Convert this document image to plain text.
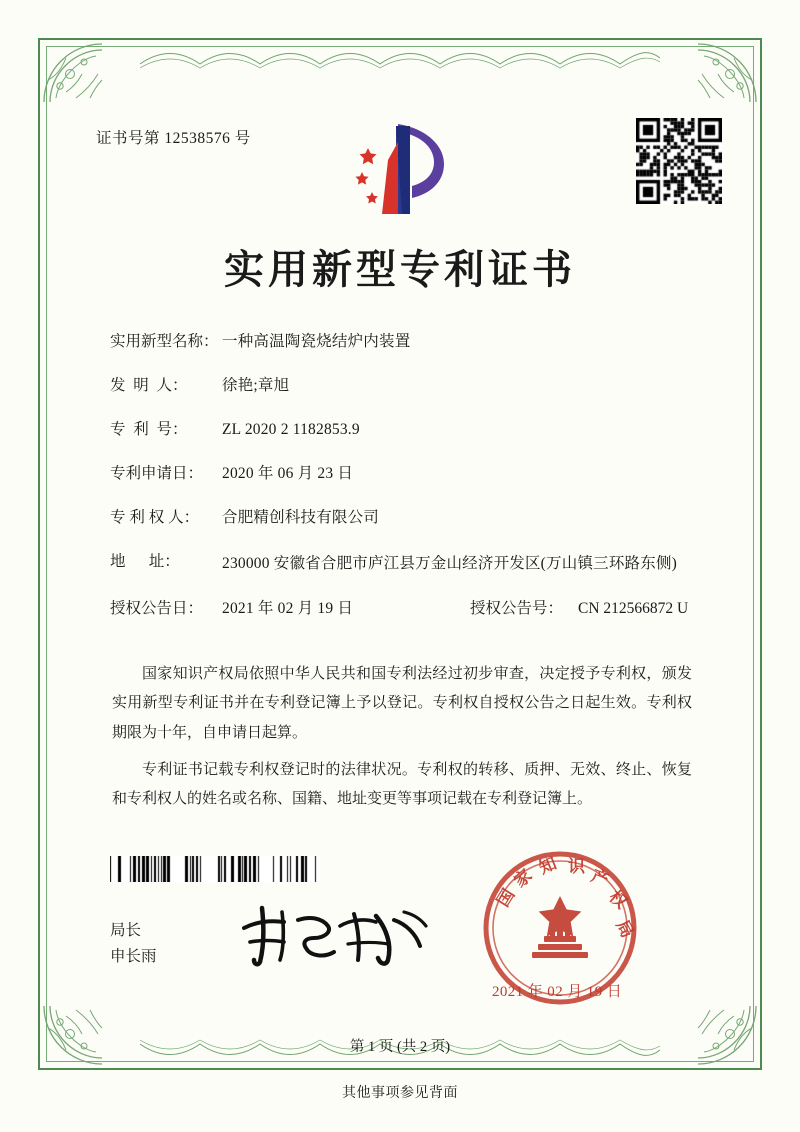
证书号第 12538576 号
实用新型专利证书
实用新型名称： 一种高温陶瓷烧结炉内装置
发  明  人：	徐艳;章旭
专  利  号：	ZL 2020 2 1182853.9
专利申请日：	2020 年 06 月 23 日
专 利 权 人：	合肥精创科技有限公司
地      址：	230000 安徽省合肥市庐江县万金山经济开发区(万山镇三环路东侧)
授权公告日：	2021 年 02 月 19 日	授权公告号： CN 212566872 U

国家知识产权局依照中华人民共和国专利法经过初步审查，决定授予专利权，颁发实用新型专利证书并在专利登记簿上予以登记。专利权自授权公告之日起生效。专利权期限为十年，自申请日起算。

专利证书记载专利权登记时的法律状况。专利权的转移、质押、无效、终止、恢复和专利权人的姓名或名称、国籍、地址变更等事项记载在专利登记簿上。

局长
申长雨
国
家 知 识 产
权
局
2021 年 02 月 19 日
第 1 页 (共 2 页)
其他事项参见背面
